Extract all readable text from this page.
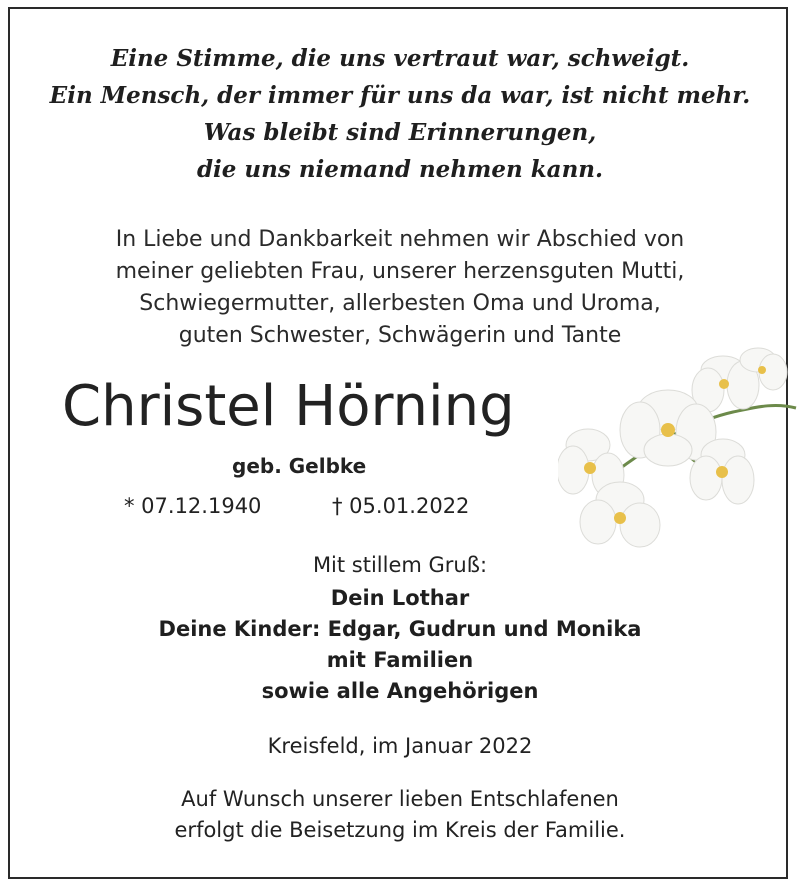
Eine Stimme, die uns vertraut war, schweigt.
Ein Mensch, der immer für uns da war, ist nicht mehr.
Was bleibt sind Erinnerungen,
die uns niemand nehmen kann.
In Liebe und Dankbarkeit nehmen wir Abschied von
meiner geliebten Frau, unserer herzensguten Mutti,
Schwiegermutter, allerbesten Oma und Uroma,
guten Schwester, Schwägerin und Tante
Christel Hörning
geb. Gelbke
* 07.12.1940	† 05.01.2022
Mit stillem Gruß:
Dein Lothar
Deine Kinder: Edgar, Gudrun und Monika
mit Familien
sowie alle Angehörigen
Kreisfeld, im Januar 2022
Auf Wunsch unserer lieben Entschlafenen
erfolgt die Beisetzung im Kreis der Familie.
